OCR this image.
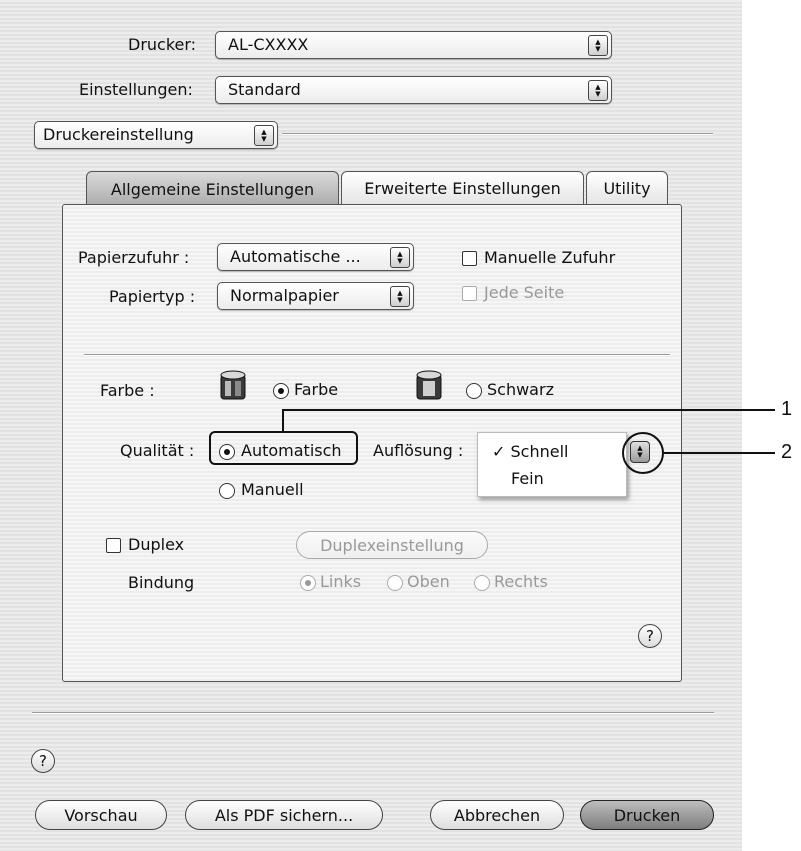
Drucker: AL-CXXXX	▲
▼
Einstellungen: Standard	▲
▼
Druckereinstellung	▲
▼
Allgemeine Einstellungen	Erweiterte Einstellungen	Utility
Papierzufuhr :	Automatische ...	▲
▼
Papiertyp : Normalpapier	▲
▼
Manuelle Zufuhr
Jede Seite
Farbe :	Farbe	Schwarz
Qualität :	Automatisch
Manuell
Auflösung : ✓ Schnell
Fein
▲
▼
Duplex	Duplexeinstellung
Bindung	Links	Oben	Rechts
?
?
Vorschau	Als PDF sichern...	Abbrechen	Drucken
1
2
